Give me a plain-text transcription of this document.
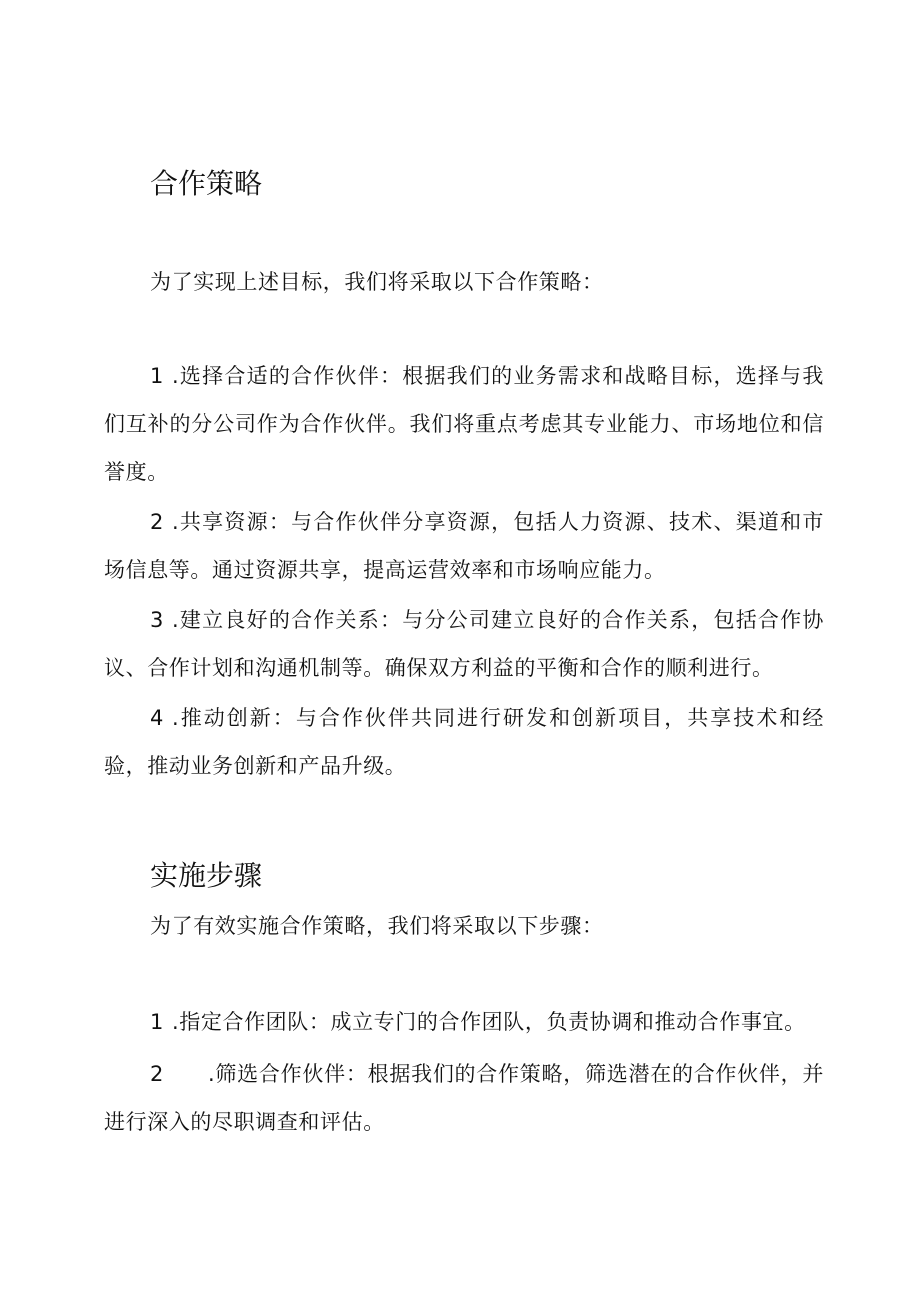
合作策略

为了实现上述目标，我们将采取以下合作策略：

1 .选择合适的合作伙伴：根据我们的业务需求和战略目标，选择与我们互补的分公司作为合作伙伴。我们将重点考虑其专业能力、市场地位和信誉度。

2 .共享资源：与合作伙伴分享资源，包括人力资源、技术、渠道和市场信息等。通过资源共享，提高运营效率和市场响应能力。

3 .建立良好的合作关系：与分公司建立良好的合作关系，包括合作协议、合作计划和沟通机制等。确保双方利益的平衡和合作的顺利进行。

4 .推动创新：与合作伙伴共同进行研发和创新项目，共享技术和经验，推动业务创新和产品升级。

实施步骤

为了有效实施合作策略，我们将采取以下步骤：

1 .指定合作团队：成立专门的合作团队，负责协调和推动合作事宜。

2 .筛选合作伙伴：根据我们的合作策略，筛选潜在的合作伙伴，并进行深入的尽职调查和评估。
